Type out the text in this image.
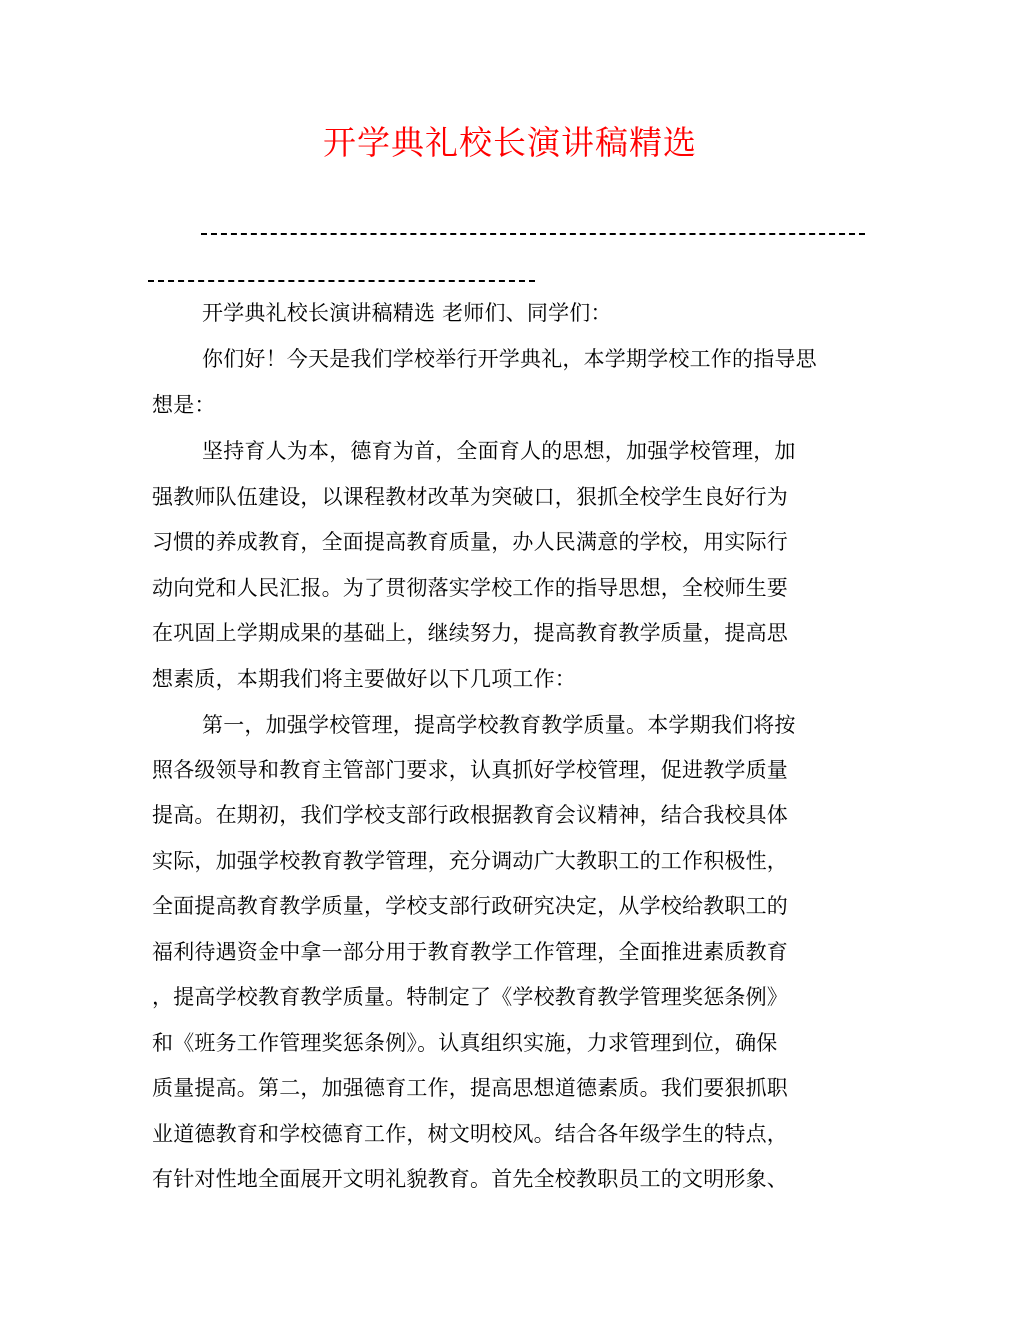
开学典礼校长演讲稿精选
开学典礼校长演讲稿精选 老师们、同学们：
你们好！今天是我们学校举行开学典礼，本学期学校工作的指导思
想是：
坚持育人为本，德育为首，全面育人的思想，加强学校管理，加
强教师队伍建设，以课程教材改革为突破口，狠抓全校学生良好行为
习惯的养成教育，全面提高教育质量，办人民满意的学校，用实际行
动向党和人民汇报。为了贯彻落实学校工作的指导思想，全校师生要
在巩固上学期成果的基础上，继续努力，提高教育教学质量，提高思
想素质，本期我们将主要做好以下几项工作：
第一，加强学校管理，提高学校教育教学质量。本学期我们将按
照各级领导和教育主管部门要求，认真抓好学校管理，促进教学质量
提高。在期初，我们学校支部行政根据教育会议精神，结合我校具体
实际，加强学校教育教学管理，充分调动广大教职工的工作积极性，
全面提高教育教学质量，学校支部行政研究决定，从学校给教职工的
福利待遇资金中拿一部分用于教育教学工作管理，全面推进素质教育
，提高学校教育教学质量。特制定了《学校教育教学管理奖惩条例》
和《班务工作管理奖惩条例》。认真组织实施，力求管理到位，确保
质量提高。第二，加强德育工作，提高思想道德素质。我们要狠抓职
业道德教育和学校德育工作，树文明校风。结合各年级学生的特点，
有针对性地全面展开文明礼貌教育。首先全校教职员工的文明形象、
